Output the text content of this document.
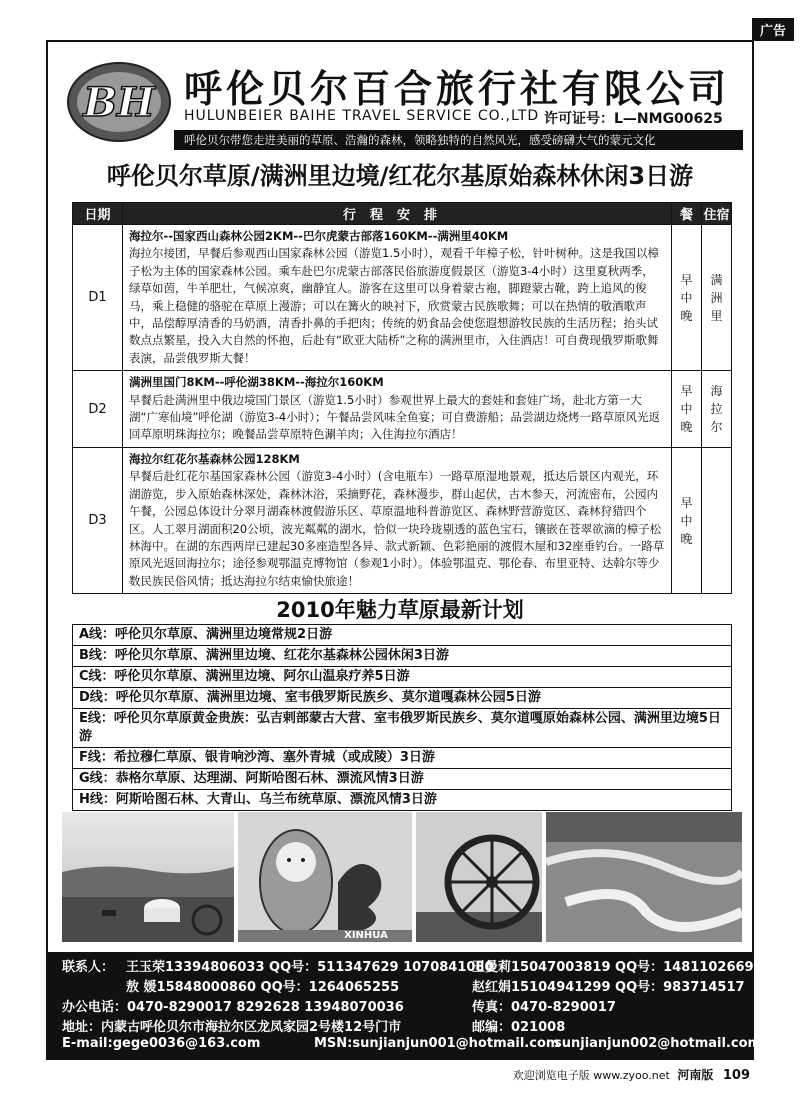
广告
BH 呼伦贝尔百合旅行社有限公司
HULUNBEIER BAIHE TRAVEL SERVICE CO.,LTD 许可证号：L—NMG00625
呼伦贝尔带您走进美丽的草原、浩瀚的森林，领略独特的自然风光，感受磅礴大气的蒙元文化
呼伦贝尔草原/满洲里边境/红花尔基原始森林休闲3日游
日期	行程安排	餐	住宿
D1	海拉尔--国家西山森林公园2KM--巴尔虎蒙古部落160KM--满洲里40KM
海拉尔接团，早餐后参观西山国家森林公园（游览1.5小时），观看千年樟子松，针叶树种。这是我国以樟子松为主体的国家森林公园。乘车赴巴尔虎蒙古部落民俗旅游度假景区（游览3-4小时）这里夏秋两季，绿草如茵，牛羊肥壮，气候凉爽，幽静宜人。游客在这里可以身着蒙古袍，脚蹬蒙古靴，跨上追风的俊马，乘上稳健的骆驼在草原上漫游；可以在篝火的映衬下，欣赏蒙古民族歌舞；可以在热情的敬酒歌声中，品偿醇厚清香的马奶酒，清香扑鼻的手把肉；传统的奶食品会使您遐想游牧民族的生活历程；抬头试数点点繁星，投入大自然的怀抱，后赴有“欧亚大陆桥”之称的满洲里市，入住酒店！可自费现俄罗斯歌舞表演，品尝俄罗斯大餐！	早中晚	满洲里
D2	满洲里国门8KM--呼伦湖38KM--海拉尔160KM
早餐后赴满洲里中俄边境国门景区（游览1.5小时）参观世界上最大的套娃和套娃广场，赴北方第一大湖“广寒仙境”呼伦湖（游览3-4小时）；午餐品尝风味全鱼宴；可自费游船；品尝湖边烧烤一路草原风光返回草原明珠海拉尔；晚餐品尝草原特色涮羊肉；入住海拉尔酒店！	早中晚	海拉尔
D3	海拉尔红花尔基森林公园128KM
早餐后赴红花尔基国家森林公园（游览3-4小时）(含电瓶车）一路草原湿地景观，抵达后景区内观光，环湖游览，步入原始森林深处，森林沐浴，采摘野花，森林漫步，群山起伏，古木参天，河流密布，公园内午餐，公园总体设计分翠月湖森林渡假游乐区、草原温地科普游览区、森林野营游览区、森林狩猎四个区。人工翠月湖面积20公顷，波光粼粼的湖水，恰似一块玲珑剔透的蓝色宝石，镶嵌在苍翠欲滴的樟子松林海中。在湖的东西两岸已建起30多座造型各异、款式新颖、色彩艳丽的渡假木屋和32座垂钓台。一路草原风光返回海拉尔；途径参观鄂温克博物馆（参观1小时）。体验鄂温克、鄂伦春、布里亚特、达斡尔等少数民族民俗风情；抵达海拉尔结束愉快旅途！	早中晚	
2010年魅力草原最新计划
A线：呼伦贝尔草原、满洲里边境常规2日游
B线：呼伦贝尔草原、满洲里边境、红花尔基森林公园休闲3日游
C线：呼伦贝尔草原、满洲里边境、阿尔山温泉疗养5日游
D线：呼伦贝尔草原、满洲里边境、室韦俄罗斯民族乡、莫尔道嘎森林公园5日游
E线：呼伦贝尔草原黄金贵族：弘吉剌部蒙古大营、室韦俄罗斯民族乡、莫尔道嘎原始森林公园、满洲里边境5日游
F线：希拉穆仁草原、银肯响沙湾、塞外青城（或成陵）3日游
G线：恭格尔草原、达理湖、阿斯哈图石林、漂流风情3日游
H线：阿斯哈图石林、大青山、乌兰布统草原、漂流风情3日游
XINHUA
联系人： 王玉荣13394806033 QQ号：511347629 1070841080
王曼莉15047003819 QQ号：1481102669
敖 媛15848000860 QQ号：1264065255	赵红娟15104941299 QQ号：983714517
办公电话：0470-8290017 8292628 13948070036	传真：0470-8290017
地址：内蒙古呼伦贝尔市海拉尔区龙凤家园2号楼12号门市	邮编：021008
E-mail:gege0036@163.com	MSN:sunjianjun001@hotmail.com
sunjianjun002@hotmail.com
欢迎浏览电子版 www.zyoo.net 河南版 109
